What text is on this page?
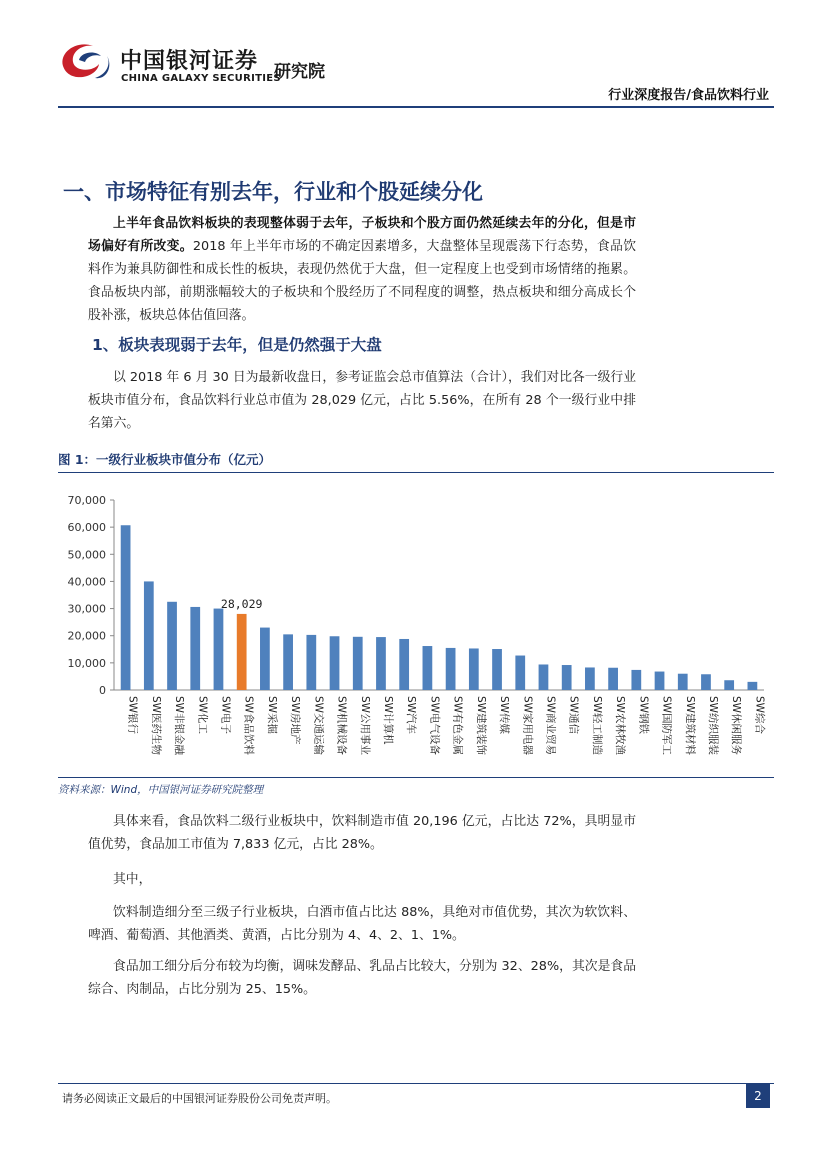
中国银河证券
CHINA GALAXY SECURITIES
研究院
行业深度报告/食品饮料行业
一、市场特征有别去年，行业和个股延续分化
上半年食品饮料板块的表现整体弱于去年，子板块和个股方面仍然延续去年的分化，但是市场偏好有所改变。2018 年上半年市场的不确定因素增多，大盘整体呈现震荡下行态势，食品饮料作为兼具防御性和成长性的板块，表现仍然优于大盘，但一定程度上也受到市场情绪的拖累。食品板块内部，前期涨幅较大的子板块和个股经历了不同程度的调整，热点板块和细分高成长个股补涨，板块总体估值回落。
1、板块表现弱于去年，但是仍然强于大盘
以 2018 年 6 月 30 日为最新收盘日，参考证监会总市值算法（合计），我们对比各一级行业板块市值分布，食品饮料行业总市值为 28,029 亿元，占比 5.56%，在所有 28 个一级行业中排名第六。
图 1：一级行业板块市值分布（亿元）
0
10,000
20,000
30,000
40,000
50,000
60,000
70,000
SW银行 SW医药生物 SW非银金融 SW化工 SW电子 SW食品饮料
28,029
SW采掘 SW房地产 SW交通运输 SW机械设备 SW公用事业 SW计算机 SW汽车 SW电气设备 SW有色金属 SW建筑装饰 SW传媒 SW家用电器 SW商业贸易 SW通信 SW轻工制造 SW农林牧渔 SW钢铁 SW国防军工 SW建筑材料 SW纺织服装 SW休闲服务 SW综合
资料来源：Wind，中国银河证券研究院整理
具体来看，食品饮料二级行业板块中，饮料制造市值 20,196 亿元，占比达 72%，具明显市值优势，食品加工市值为 7,833 亿元，占比 28%。
其中，
饮料制造细分至三级子行业板块，白酒市值占比达 88%，具绝对市值优势，其次为软饮料、啤酒、葡萄酒、其他酒类、黄酒，占比分别为 4、4、2、1、1%。
食品加工细分后分布较为均衡，调味发酵品、乳品占比较大，分别为 32、28%，其次是食品综合、肉制品，占比分别为 25、15%。
请务必阅读正文最后的中国银河证券股份公司免责声明。	2
